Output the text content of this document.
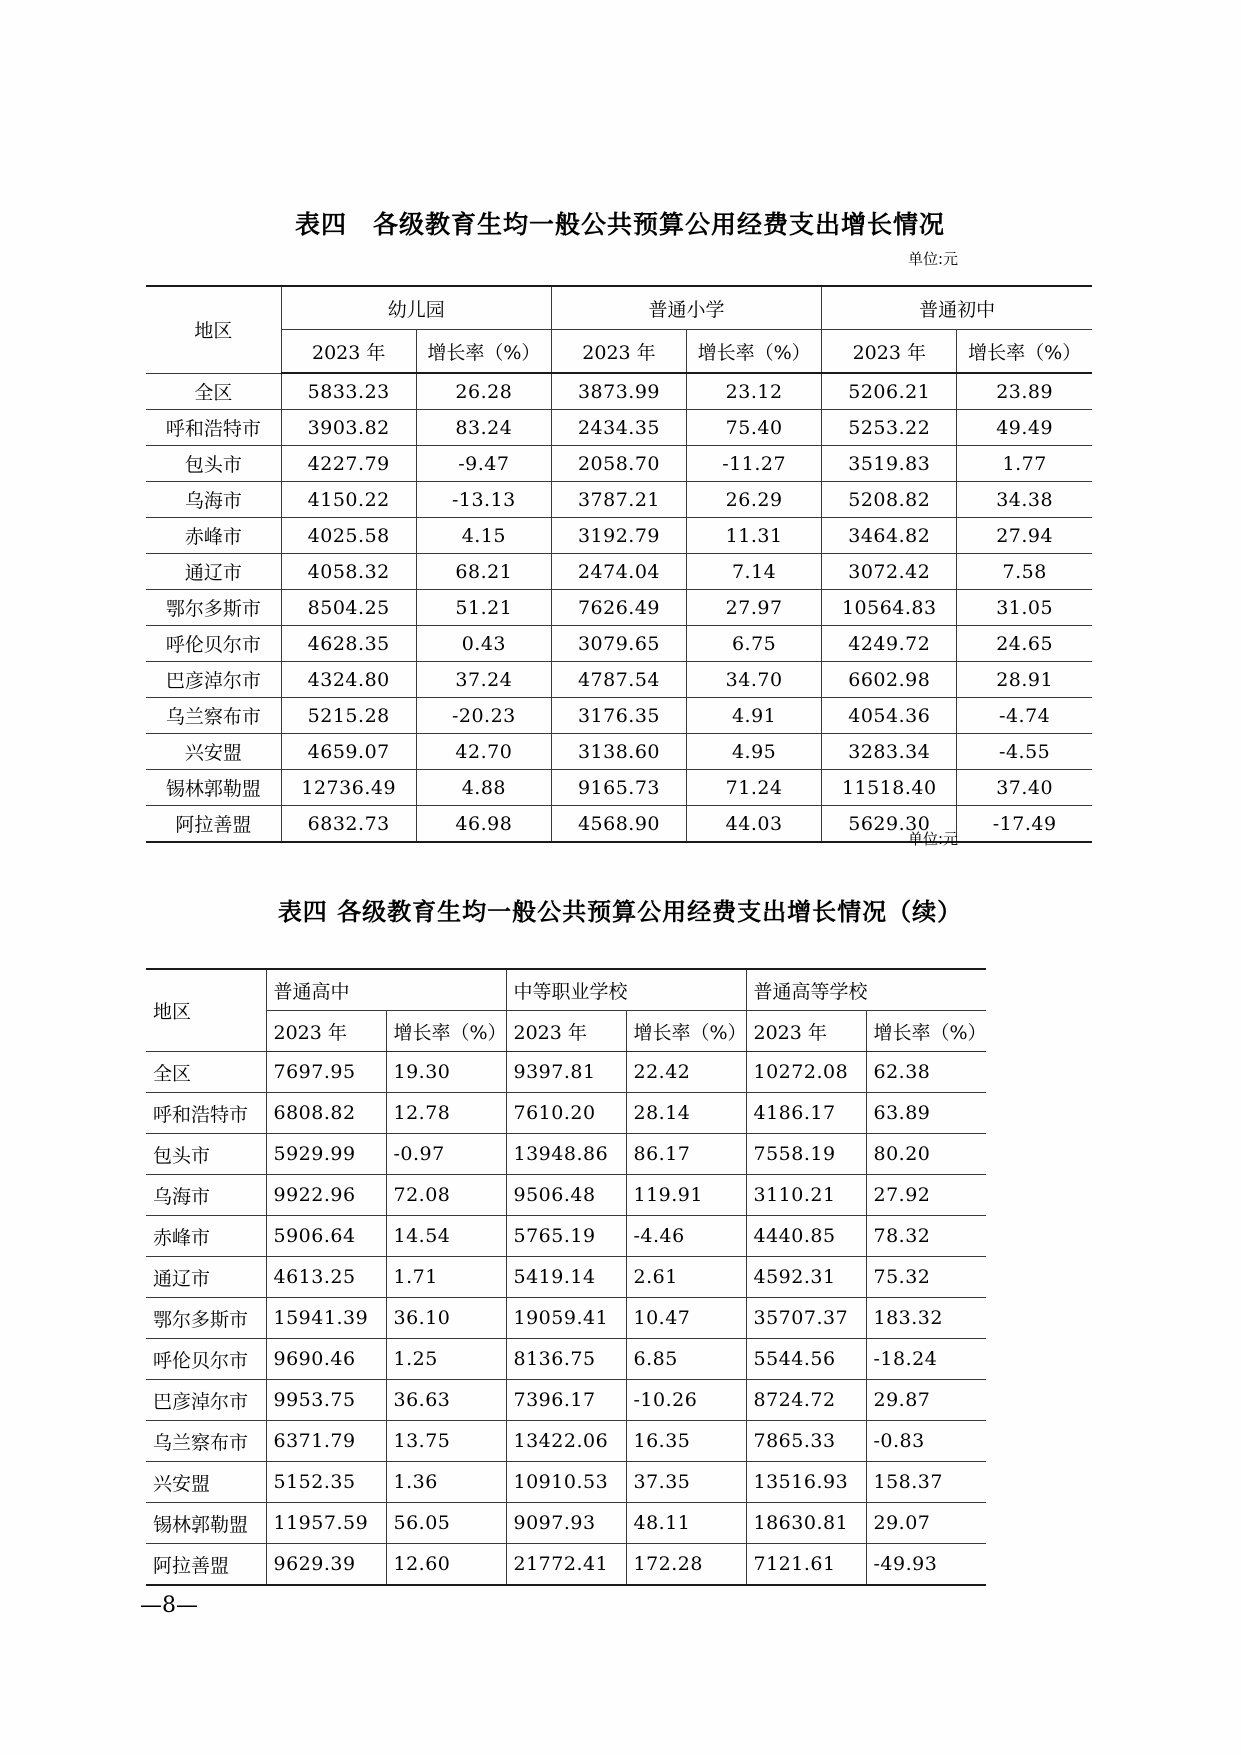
表四　各级教育生均一般公共预算公用经费支出增长情况
单位:元
地区	幼儿园		普通小学		普通初中	
	2023 年	增长率（%）	2023 年	增长率（%）	2023 年	增长率（%）
全区	5833.23	26.28	3873.99	23.12	5206.21	23.89
呼和浩特市	3903.82	83.24	2434.35	75.40	5253.22	49.49
包头市	4227.79	-9.47	2058.70	-11.27	3519.83	1.77
乌海市	4150.22	-13.13	3787.21	26.29	5208.82	34.38
赤峰市	4025.58	4.15	3192.79	11.31	3464.82	27.94
通辽市	4058.32	68.21	2474.04	7.14	3072.42	7.58
鄂尔多斯市	8504.25	51.21	7626.49	27.97	10564.83	31.05
呼伦贝尔市	4628.35	0.43	3079.65	6.75	4249.72	24.65
巴彦淖尔市	4324.80	37.24	4787.54	34.70	6602.98	28.91
乌兰察布市	5215.28	-20.23	3176.35	4.91	4054.36	-4.74
兴安盟	4659.07	42.70	3138.60	4.95	3283.34	-4.55
锡林郭勒盟	12736.49	4.88	9165.73	71.24	11518.40	37.40
阿拉善盟	6832.73	46.98	4568.90	44.03	5629.30	-17.49
表四 各级教育生均一般公共预算公用经费支出增长情况（续）
单位:元
地区	普通高中		中等职业学校		普通高等学校	
	2023 年	增长率（%）	2023 年	增长率（%）	2023 年	增长率（%）
全区	7697.95	19.30	9397.81	22.42	10272.08	62.38
呼和浩特市	6808.82	12.78	7610.20	28.14	4186.17	63.89
包头市	5929.99	-0.97	13948.86	86.17	7558.19	80.20
乌海市	9922.96	72.08	9506.48	119.91	3110.21	27.92
赤峰市	5906.64	14.54	5765.19	-4.46	4440.85	78.32
通辽市	4613.25	1.71	5419.14	2.61	4592.31	75.32
鄂尔多斯市	15941.39	36.10	19059.41	10.47	35707.37	183.32
呼伦贝尔市	9690.46	1.25	8136.75	6.85	5544.56	-18.24
巴彦淖尔市	9953.75	36.63	7396.17	-10.26	8724.72	29.87
乌兰察布市	6371.79	13.75	13422.06	16.35	7865.33	-0.83
兴安盟	5152.35	1.36	10910.53	37.35	13516.93	158.37
锡林郭勒盟	11957.59	56.05	9097.93	48.11	18630.81	29.07
阿拉善盟	9629.39	12.60	21772.41	172.28	7121.61	-49.93
—8—
